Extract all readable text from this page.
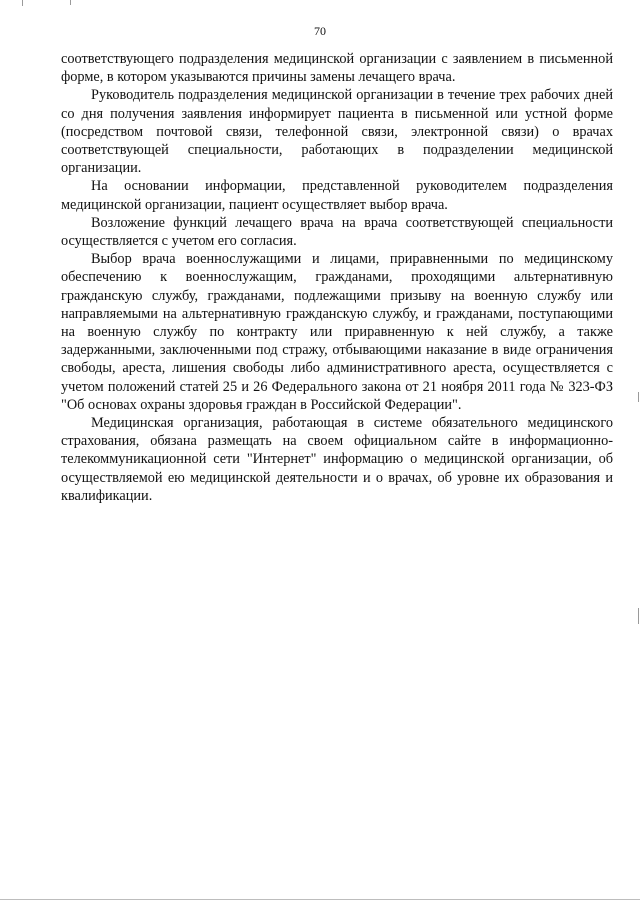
70

соответствующего подразделения медицинской организации с заявлением в письменной форме, в котором указываются причины замены лечащего врача.

Руководитель подразделения медицинской организации в течение трех рабочих дней со дня получения заявления информирует пациента в письменной или устной форме (посредством почтовой связи, телефонной связи, электронной связи) о врачах соответствующей специальности, работающих в подразделении медицинской организации.

На основании информации, представленной руководителем подразделения медицинской организации, пациент осуществляет выбор врача.

Возложение функций лечащего врача на врача соответствующей специальности осуществляется с учетом его согласия.

Выбор врача военнослужащими и лицами, приравненными по медицинскому обеспечению к военнослужащим, гражданами, проходящими альтернативную гражданскую службу, гражданами, подлежащими призыву на военную службу или направляемыми на альтернативную гражданскую службу, и гражданами, поступающими на военную службу по контракту или приравненную к ней службу, а также задержанными, заключенными под стражу, отбывающими наказание в виде ограничения свободы, ареста, лишения свободы либо административного ареста, осуществляется с учетом положений статей 25 и 26 Федерального закона от 21 ноября 2011 года № 323-ФЗ "Об основах охраны здоровья граждан в Российской Федерации".

Медицинская организация, работающая в системе обязательного медицинского страхования, обязана размещать на своем официальном сайте в информационно-телекоммуникационной сети "Интернет" информацию о медицинской организации, об осуществляемой ею медицинской деятельности и о врачах, об уровне их образования и квалификации.
